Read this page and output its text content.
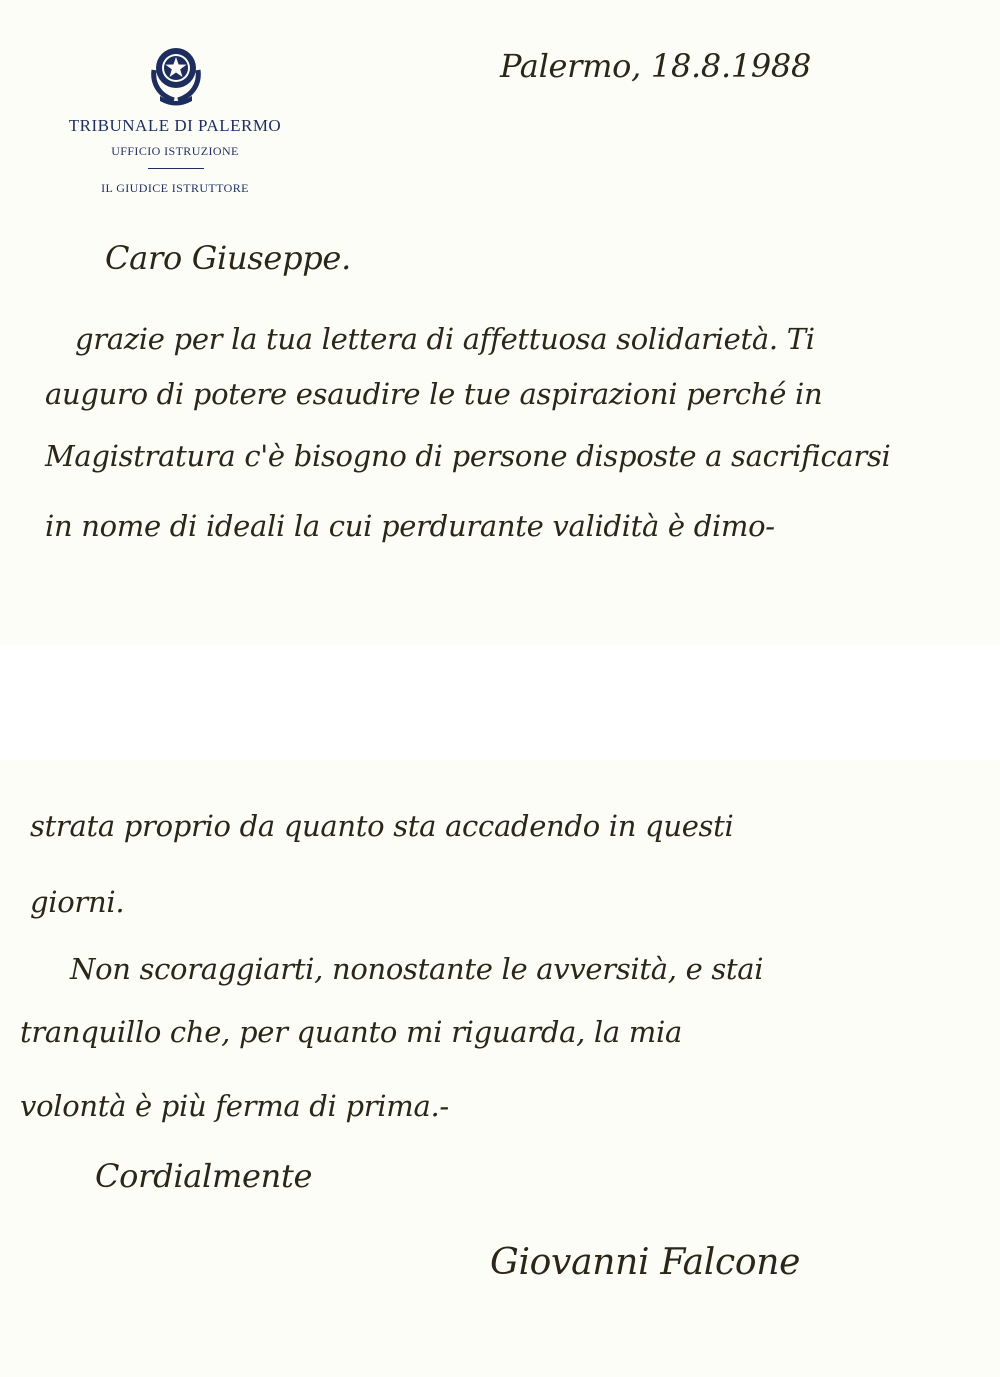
TRIBUNALE DI PALERMO
UFFICIO ISTRUZIONE
IL GIUDICE ISTRUTTORE
Palermo, 18.8.1988
Caro Giuseppe.
grazie per la tua lettera di affettuosa solidarietà. Ti
auguro di potere esaudire le tue aspirazioni perché in
Magistratura c'è bisogno di persone disposte a sacrificarsi
in nome di ideali la cui perdurante validità è dimo-
strata proprio da quanto sta accadendo in questi
giorni.
Non scoraggiarti, nonostante le avversità, e stai
tranquillo che, per quanto mi riguarda, la mia
volontà è più ferma di prima.-
Cordialmente
Giovanni Falcone
